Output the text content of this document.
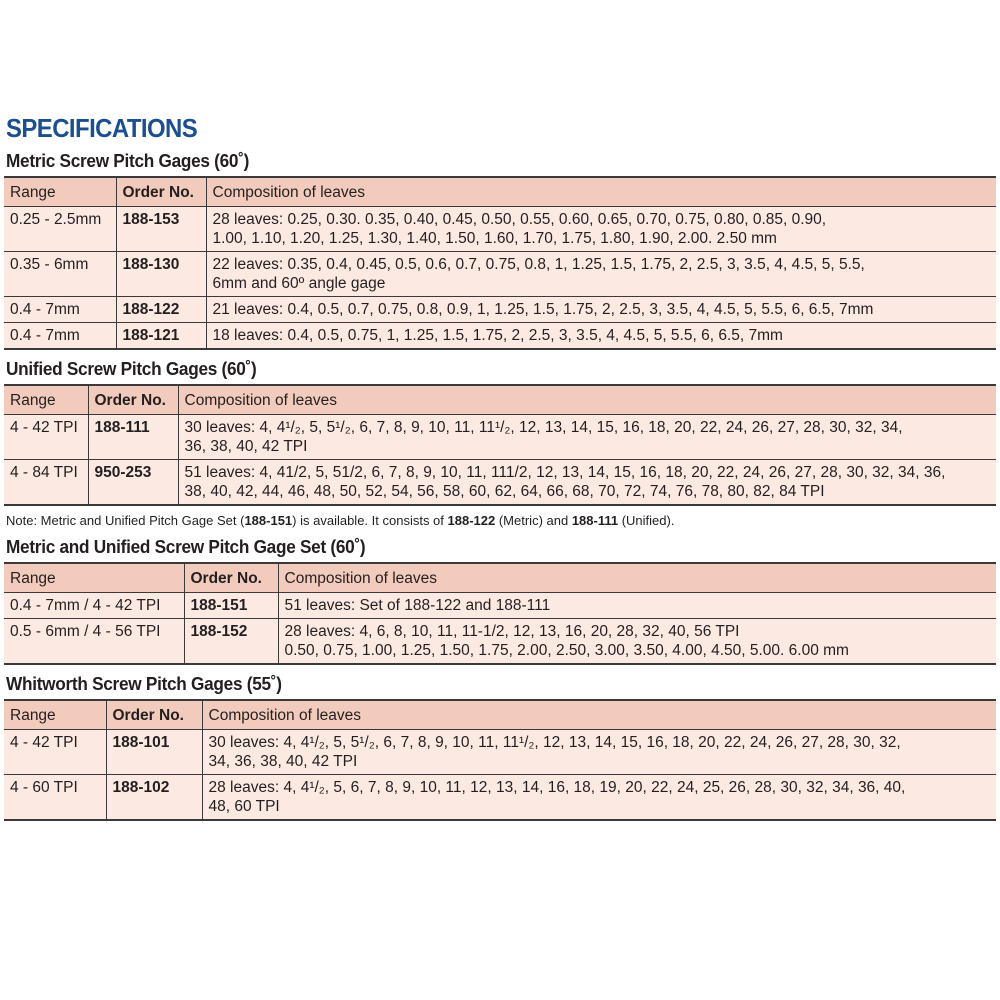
SPECIFICATIONS
Metric Screw Pitch Gages (60˚)
Range	Order No.	Composition of leaves
0.25 - 2.5mm	188-153	28 leaves: 0.25, 0.30. 0.35, 0.40, 0.45, 0.50, 0.55, 0.60, 0.65, 0.70, 0.75, 0.80, 0.85, 0.90,
1.00, 1.10, 1.20, 1.25, 1.30, 1.40, 1.50, 1.60, 1.70, 1.75, 1.80, 1.90, 2.00. 2.50 mm

0.35 - 6mm	188-130	22 leaves: 0.35, 0.4, 0.45, 0.5, 0.6, 0.7, 0.75, 0.8, 1, 1.25, 1.5, 1.75, 2, 2.5, 3, 3.5, 4, 4.5, 5, 5.5,
6mm and 60º angle gage

0.4 - 7mm	188-122	21 leaves: 0.4, 0.5, 0.7, 0.75, 0.8, 0.9, 1, 1.25, 1.5, 1.75, 2, 2.5, 3, 3.5, 4, 4.5, 5, 5.5, 6, 6.5, 7mm

0.4 - 7mm	188-121	18 leaves: 0.4, 0.5, 0.75, 1, 1.25, 1.5, 1.75, 2, 2.5, 3, 3.5, 4, 4.5, 5, 5.5, 6, 6.5, 7mm
Unified Screw Pitch Gages (60˚)
Range	Order No.	Composition of leaves
4 - 42 TPI	188-111	30 leaves: 4, 4¹/₂, 5, 5¹/₂, 6, 7, 8, 9, 10, 11, 11¹/₂, 12, 13, 14, 15, 16, 18, 20, 22, 24, 26, 27, 28, 30, 32, 34,
36, 38, 40, 42 TPI

4 - 84 TPI	950-253	51 leaves: 4, 41/2, 5, 51/2, 6, 7, 8, 9, 10, 11, 111/2, 12, 13, 14, 15, 16, 18, 20, 22, 24, 26, 27, 28, 30, 32, 34, 36,
38, 40, 42, 44, 46, 48, 50, 52, 54, 56, 58, 60, 62, 64, 66, 68, 70, 72, 74, 76, 78, 80, 82, 84 TPI
Note: Metric and Unified Pitch Gage Set (188-151) is available. It consists of 188-122 (Metric) and 188-111 (Unified).
Metric and Unified Screw Pitch Gage Set (60˚)
Range	Order No.	Composition of leaves
0.4 - 7mm / 4 - 42 TPI	188-151	51 leaves: Set of 188-122 and 188-111

0.5 - 6mm / 4 - 56 TPI	188-152	28 leaves: 4, 6, 8, 10, 11, 11-1/2, 12, 13, 16, 20, 28, 32, 40, 56 TPI
0.50, 0.75, 1.00, 1.25, 1.50, 1.75, 2.00, 2.50, 3.00, 3.50, 4.00, 4.50, 5.00. 6.00 mm
Whitworth Screw Pitch Gages (55˚)
Range	Order No.	Composition of leaves
4 - 42 TPI	188-101	30 leaves: 4, 4¹/₂, 5, 5¹/₂, 6, 7, 8, 9, 10, 11, 11¹/₂, 12, 13, 14, 15, 16, 18, 20, 22, 24, 26, 27, 28, 30, 32,
34, 36, 38, 40, 42 TPI

4 - 60 TPI	188-102	28 leaves: 4, 4¹/₂, 5, 6, 7, 8, 9, 10, 11, 12, 13, 14, 16, 18, 19, 20, 22, 24, 25, 26, 28, 30, 32, 34, 36, 40,
48, 60 TPI
